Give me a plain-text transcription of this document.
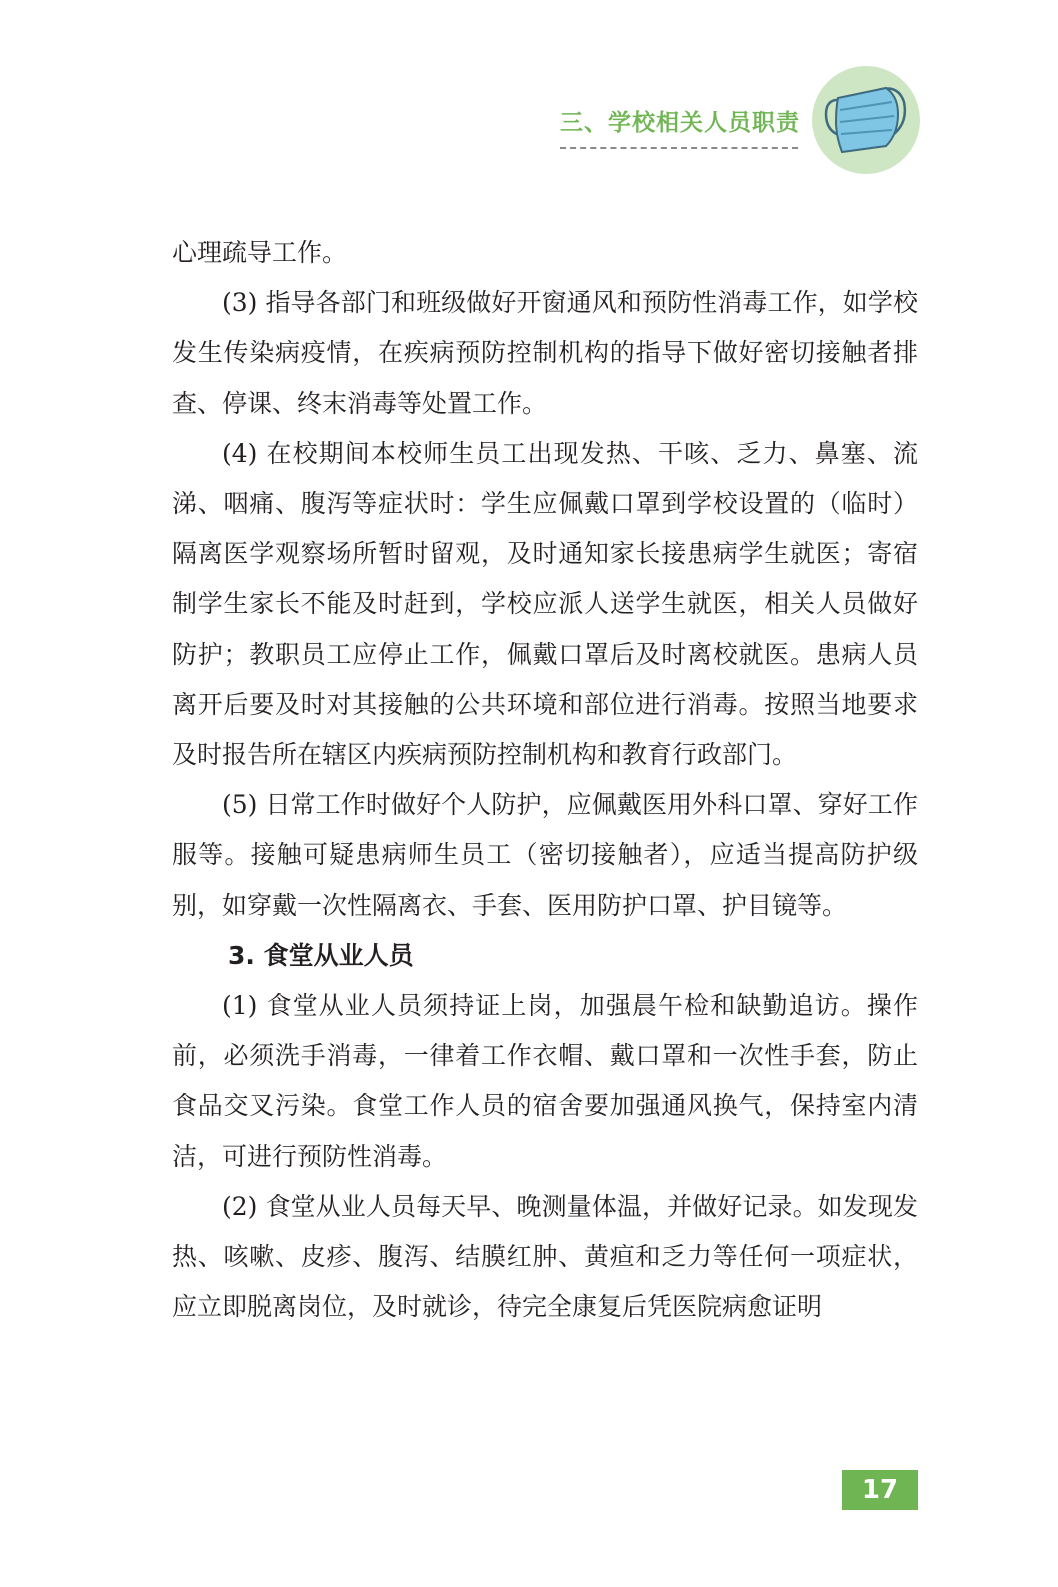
三、学校相关人员职责

心理疏导工作。

(3) 指导各部门和班级做好开窗通风和预防性消毒工作，如学校发生传染病疫情，在疾病预防控制机构的指导下做好密切接触者排查、停课、终末消毒等处置工作。

(4) 在校期间本校师生员工出现发热、干咳、乏力、鼻塞、流涕、咽痛、腹泻等症状时：学生应佩戴口罩到学校设置的（临时）隔离医学观察场所暂时留观，及时通知家长接患病学生就医；寄宿制学生家长不能及时赶到，学校应派人送学生就医，相关人员做好防护；教职员工应停止工作，佩戴口罩后及时离校就医。患病人员离开后要及时对其接触的公共环境和部位进行消毒。按照当地要求及时报告所在辖区内疾病预防控制机构和教育行政部门。

(5) 日常工作时做好个人防护，应佩戴医用外科口罩、穿好工作服等。接触可疑患病师生员工（密切接触者），应适当提高防护级别，如穿戴一次性隔离衣、手套、医用防护口罩、护目镜等。

3. 食堂从业人员

(1) 食堂从业人员须持证上岗，加强晨午检和缺勤追访。操作前，必须洗手消毒，一律着工作衣帽、戴口罩和一次性手套，防止食品交叉污染。食堂工作人员的宿舍要加强通风换气，保持室内清洁，可进行预防性消毒。

(2) 食堂从业人员每天早、晚测量体温，并做好记录。如发现发热、咳嗽、皮疹、腹泻、结膜红肿、黄疸和乏力等任何一项症状，应立即脱离岗位，及时就诊，待完全康复后凭医院病愈证明

17
